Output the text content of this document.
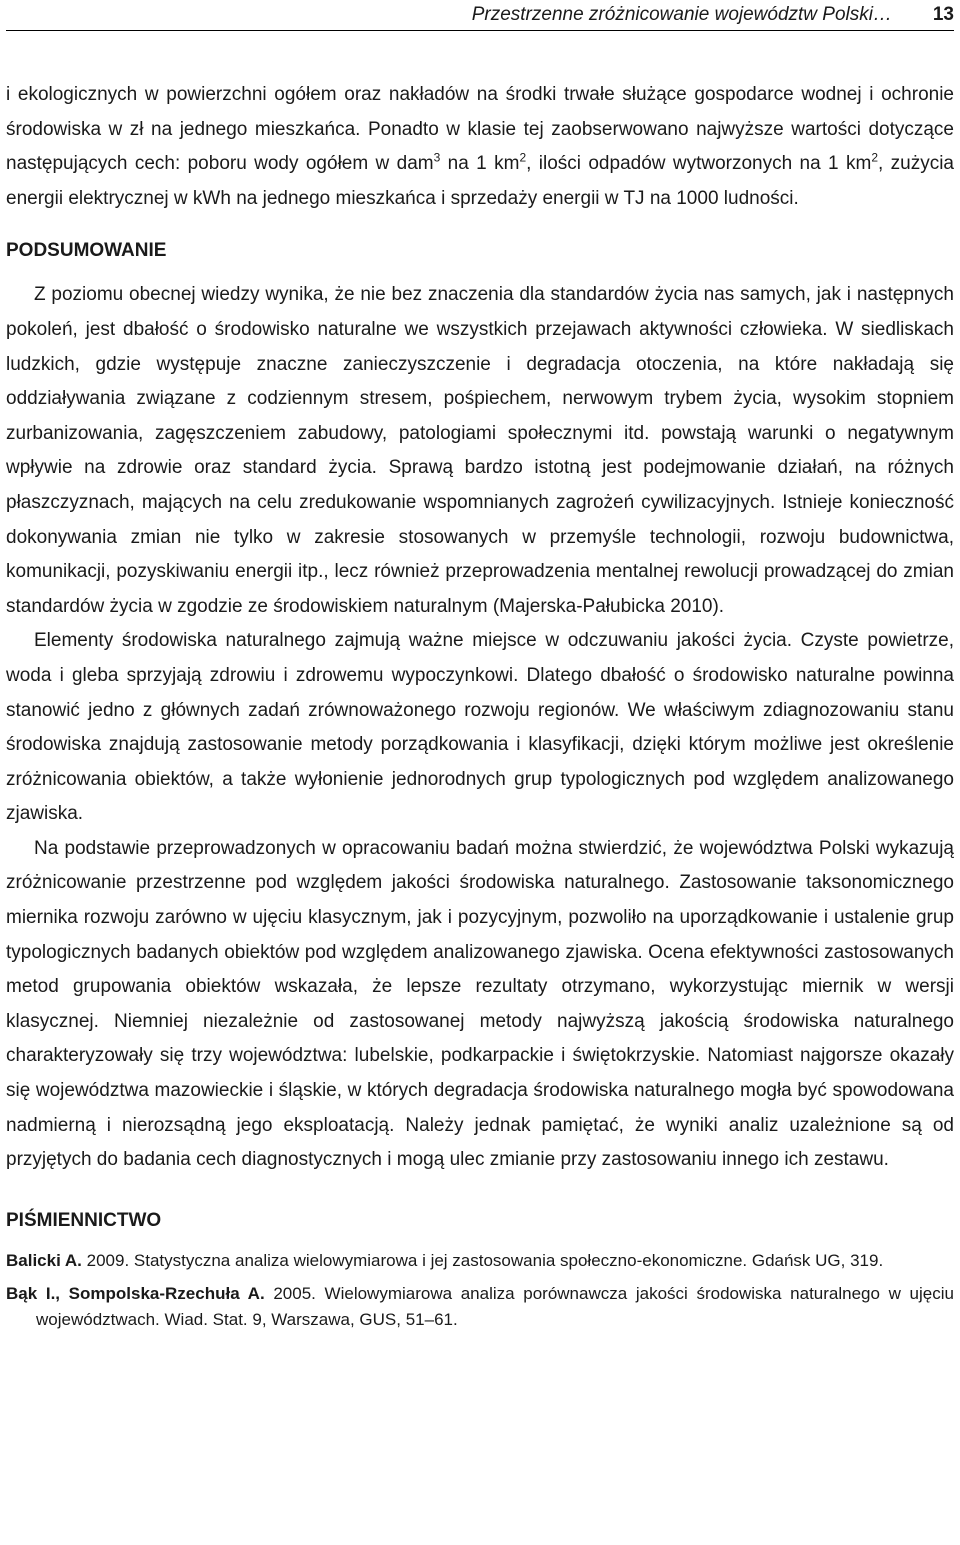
Przestrzenne zróżnicowanie województw Polski… 13

i ekologicznych w powierzchni ogółem oraz nakładów na środki trwałe służące gospodarce wodnej i ochronie środowiska w zł na jednego mieszkańca. Ponadto w klasie tej zaobserwowano najwyższe wartości dotyczące następujących cech: poboru wody ogółem w dam$^3$ na 1 $km^2$, ilości odpadów wytworzonych na 1 $km^2$, zużycia energii elektrycznej w kWh na jednego mieszkańca i sprzedaży energii w TJ na 1000 ludności.

PODSUMOWANIE

Z poziomu obecnej wiedzy wynika, że nie bez znaczenia dla standardów życia nas samych, jak i następnych pokoleń, jest dbałość o środowisko naturalne we wszystkich przejawach aktywności człowieka. W siedliskach ludzkich, gdzie występuje znaczne zanieczyszczenie i degradacja otoczenia, na które nakładają się oddziaływania związane z codziennym stresem, pośpiechem, nerwowym trybem życia, wysokim stopniem zurbanizowania, zagęszczeniem zabudowy, patologiami społecznymi itd. powstają warunki o negatywnym wpływie na zdrowie oraz standard życia. Sprawą bardzo istotną jest podejmowanie działań, na różnych płaszczyznach, mających na celu zredukowanie wspomnianych zagrożeń cywilizacyjnych. Istnieje konieczność dokonywania zmian nie tylko w zakresie stosowanych w przemyśle technologii, rozwoju budownictwa, komunikacji, pozyskiwaniu energii itp., lecz również przeprowadzenia mentalnej rewolucji prowadzącej do zmian standardów życia w zgodzie ze środowiskiem naturalnym (Majerska-Pałubicka 2010).

Elementy środowiska naturalnego zajmują ważne miejsce w odczuwaniu jakości życia. Czyste powietrze, woda i gleba sprzyjają zdrowiu i zdrowemu wypoczynkowi. Dlatego dbałość o środowisko naturalne powinna stanowić jedno z głównych zadań zrównoważonego rozwoju regionów. We właściwym zdiagnozowaniu stanu środowiska znajdują zastosowanie metody porządkowania i klasyfikacji, dzięki którym możliwe jest określenie zróżnicowania obiektów, a także wyłonienie jednorodnych grup typologicznych pod względem analizowanego zjawiska.

Na podstawie przeprowadzonych w opracowaniu badań można stwierdzić, że województwa Polski wykazują zróżnicowanie przestrzenne pod względem jakości środowiska naturalnego. Zastosowanie taksonomicznego miernika rozwoju zarówno w ujęciu klasycznym, jak i pozycyjnym, pozwoliło na uporządkowanie i ustalenie grup typologicznych badanych obiektów pod względem analizowanego zjawiska. Ocena efektywności zastosowanych metod grupowania obiektów wskazała, że lepsze rezultaty otrzymano, wykorzystując miernik w wersji klasycznej. Niemniej niezależnie od zastosowanej metody najwyższą jakością środowiska naturalnego charakteryzowały się trzy województwa: lubelskie, podkarpackie i świętokrzyskie. Natomiast najgorsze okazały się województwa mazowieckie i śląskie, w których degradacja środowiska naturalnego mogła być spowodowana nadmierną i nierozsądną jego eksploatacją. Należy jednak pamiętać, że wyniki analiz uzależnione są od przyjętych do badania cech diagnostycznych i mogą ulec zmianie przy zastosowaniu innego ich zestawu.

PIŚMIENNICTWO

Balicki A. 2009. Statystyczna analiza wielowymiarowa i jej zastosowania społeczno-ekonomiczne. Gdańsk UG, 319.

Bąk I., Sompolska-Rzechuła A. 2005. Wielowymiarowa analiza porównawcza jakości środowiska naturalnego w ujęciu województwach. Wiad. Stat. 9, Warszawa, GUS, 51–61.
